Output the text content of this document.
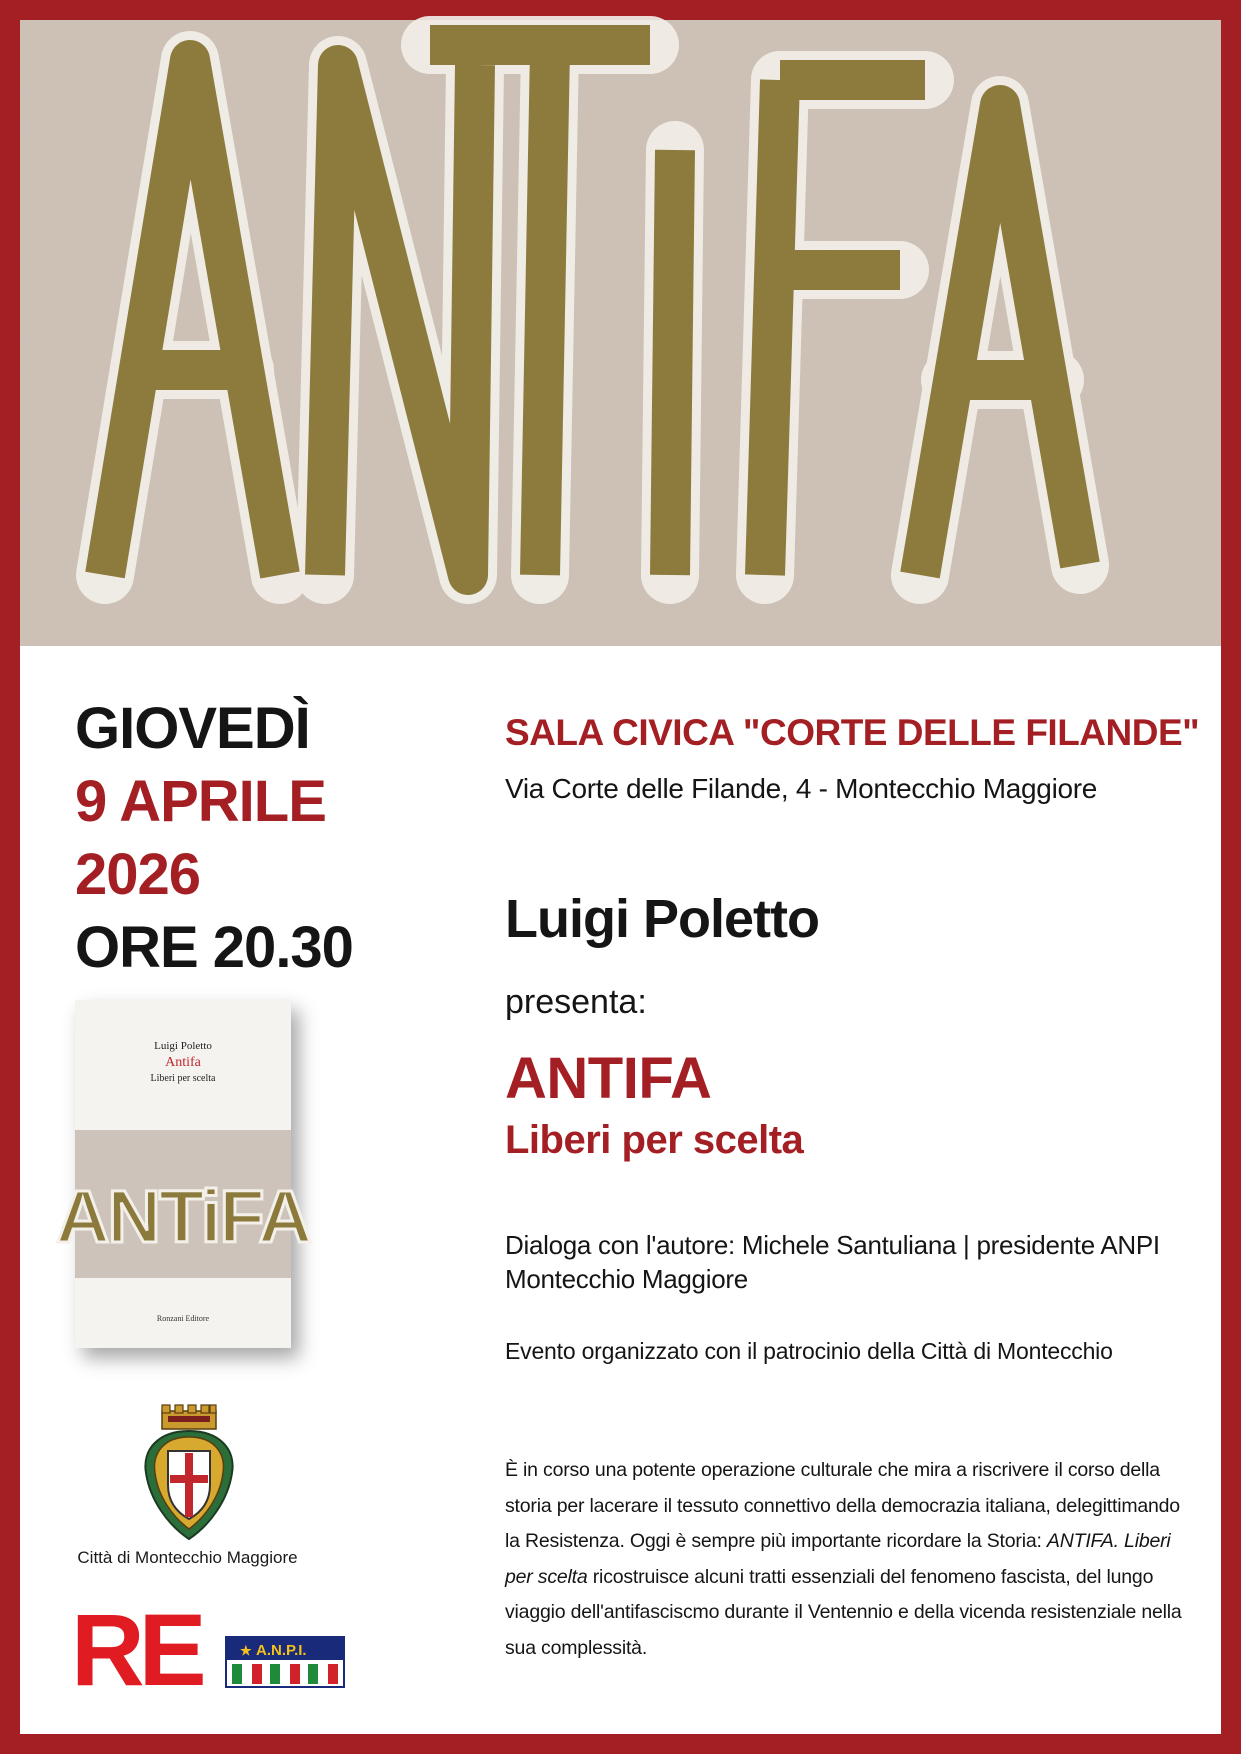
GIOVEDÌ
9 APRILE
2026
ORE 20.30
Luigi Poletto
Antifa
Liberi per scelta
ANTiFA
Ronzani Editore
Città di Montecchio Maggiore
RE	★ A.N.P.I.
SALA CIVICA "CORTE DELLE FILANDE"
Via Corte delle Filande, 4 - Montecchio Maggiore
Luigi Poletto
presenta:
ANTIFA
Liberi per scelta
Dialoga con l'autore: Michele Santuliana | presidente ANPI Montecchio Maggiore
Evento organizzato con il patrocinio della Città di Montecchio
È in corso una potente operazione culturale che mira a riscrivere il corso della storia per lacerare il tessuto connettivo della democrazia italiana, delegittimando la Resistenza. Oggi è sempre più importante ricordare la Storia: ANTIFA. Liberi per scelta ricostruisce alcuni tratti essenziali del fenomeno fascista, del lungo viaggio dell'antifasciscmo durante il Ventennio e della vicenda resistenziale nella sua complessità.
